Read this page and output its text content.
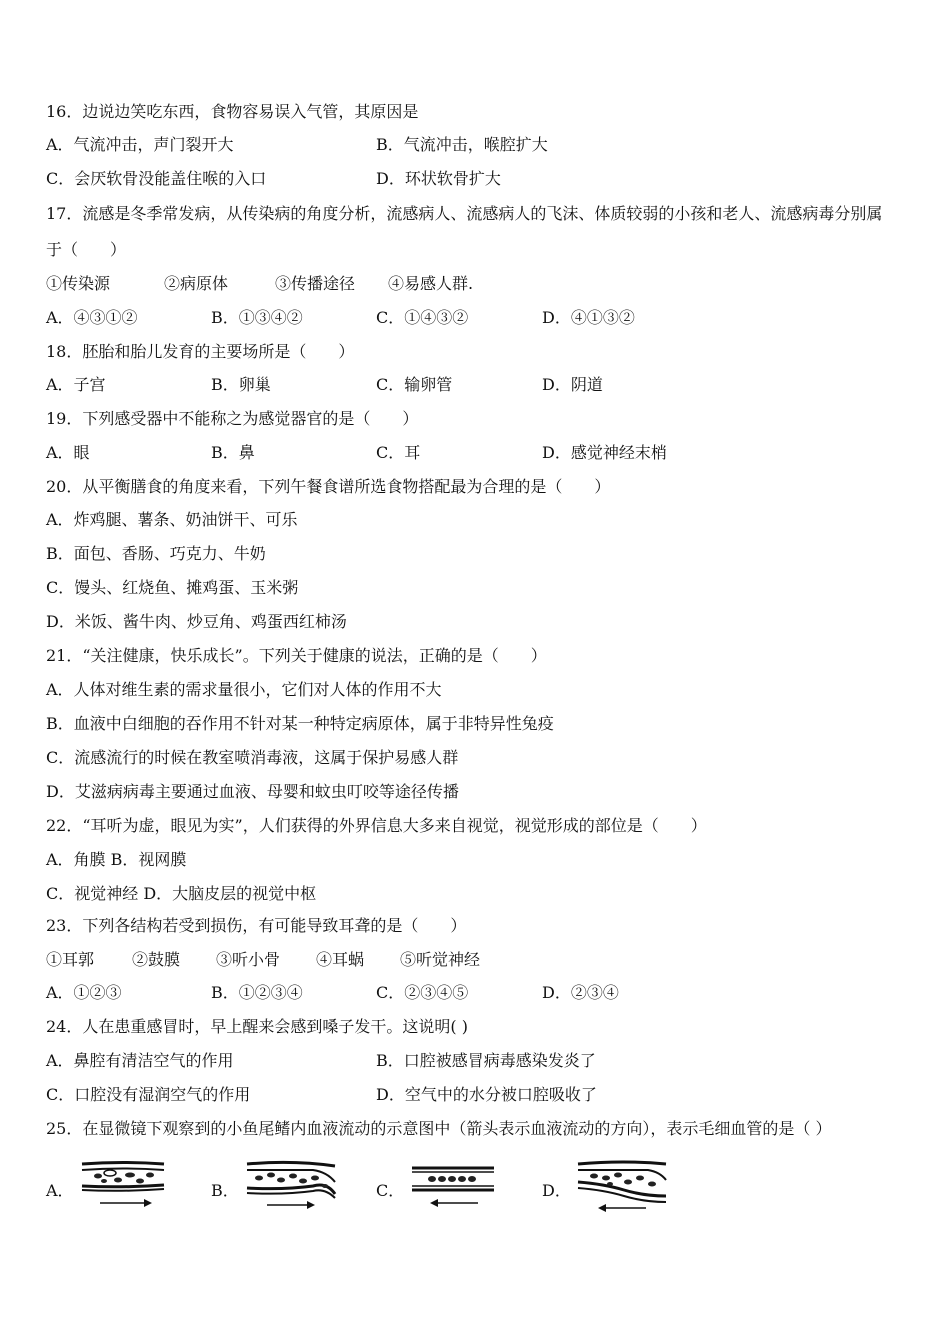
16．边说边笑吃东西，食物容易误入气管，其原因是
A．气流冲击，声门裂开大	B．气流冲击，喉腔扩大
C．会厌软骨没能盖住喉的入口	D．环状软骨扩大
17．流感是冬季常发病，从传染病的角度分析，流感病人、流感病人的飞沫、体质较弱的小孩和老人、流感病毒分别属
于（　　）
①传染源	②病原体	③传播途径 ④易感人群.
A．④③①②	B．①③④②	C．①④③②	D．④①③②
18．胚胎和胎儿发育的主要场所是（　　）
A．子宫	B．卵巢	C．输卵管	D．阴道
19．下列感受器中不能称之为感觉器官的是（　　）
A．眼	B．鼻	C．耳	D．感觉神经末梢
20．从平衡膳食的角度来看，下列午餐食谱所选食物搭配最为合理的是（　　）
A．炸鸡腿、薯条、奶油饼干、可乐
B．面包、香肠、巧克力、牛奶
C．馒头、红烧鱼、摊鸡蛋、玉米粥
D．米饭、酱牛肉、炒豆角、鸡蛋西红柿汤
21．“关注健康，快乐成长”。下列关于健康的说法，正确的是（　　）
A．人体对维生素的需求量很小，它们对人体的作用不大
B．血液中白细胞的吞作用不针对某一种特定病原体，属于非特异性兔疫
C．流感流行的时候在教室喷消毒液，这属于保护易感人群
D．艾滋病病毒主要通过血液、母婴和蚊虫叮咬等途径传播
22．“耳听为虚，眼见为实”，人们获得的外界信息大多来自视觉，视觉形成的部位是（　　）
A．角膜 B．视网膜
C．视觉神经 D．大脑皮层的视觉中枢
23．下列各结构若受到损伤，有可能导致耳聋的是（　　）
①耳郭 ②鼓膜 ③听小骨 ④耳蜗 ⑤听觉神经
A．①②③	B．①②③④	C．②③④⑤	D．②③④
24．人在患重感冒时，早上醒来会感到嗓子发干。这说明( )
A．鼻腔有清洁空气的作用	B．口腔被感冒病毒感染发炎了
C．口腔没有湿润空气的作用	D．空气中的水分被口腔吸收了
25．在显微镜下观察到的小鱼尾鳍内血液流动的示意图中（箭头表示血液流动的方向），表示毛细血管的是（ ）
A．	B．	C．	D．
